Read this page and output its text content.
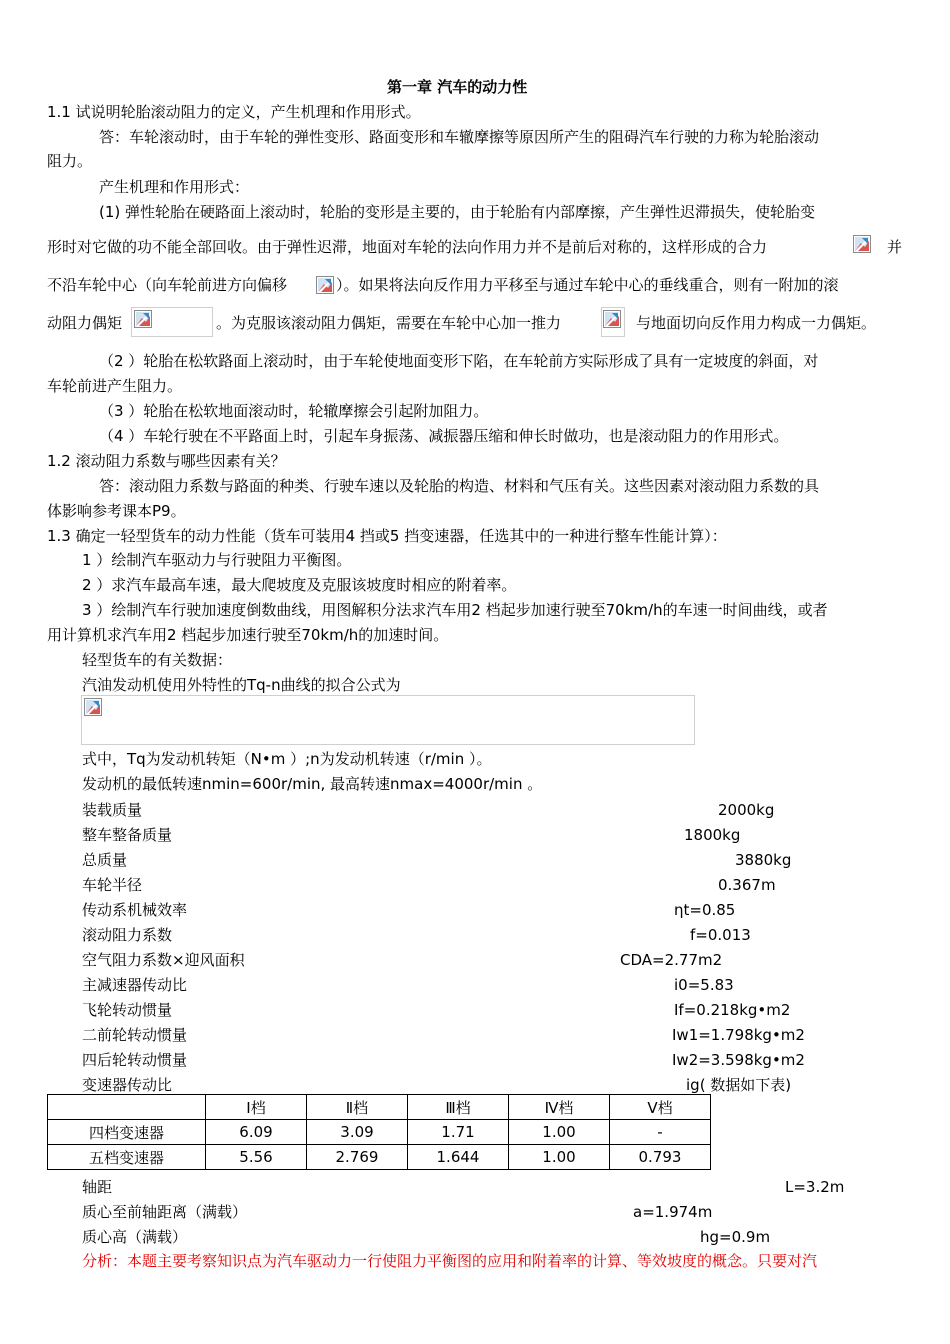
第一章 汽车的动力性
1.1 试说明轮胎滚动阻力的定义，产生机理和作用形式。
答：车轮滚动时，由于车轮的弹性变形、路面变形和车辙摩擦等原因所产生的阻碍汽车行驶的力称为轮胎滚动
阻力。
产生机理和作用形式：
(1) 弹性轮胎在硬路面上滚动时，轮胎的变形是主要的，由于轮胎有内部摩擦，产生弹性迟滞损失，使轮胎变
形时对它做的功不能全部回收。由于弹性迟滞，地面对车轮的法向作用力并不是前后对称的，这样形成的合力	并
不沿车轮中心（向车轮前进方向偏移	）。如果将法向反作用力平移至与通过车轮中心的垂线重合，则有一附加的滚
动阻力偶矩	。为克服该滚动阻力偶矩，需要在车轮中心加一推力	与地面切向反作用力构成一力偶矩。
（2 ）轮胎在松软路面上滚动时，由于车轮使地面变形下陷，在车轮前方实际形成了具有一定坡度的斜面，对
车轮前进产生阻力。
（3 ）轮胎在松软地面滚动时，轮辙摩擦会引起附加阻力。
（4 ）车轮行驶在不平路面上时，引起车身振荡、减振器压缩和伸长时做功，也是滚动阻力的作用形式。
1.2 滚动阻力系数与哪些因素有关？
答：滚动阻力系数与路面的种类、行驶车速以及轮胎的构造、材料和气压有关。这些因素对滚动阻力系数的具
体影响参考课本P9。
1.3 确定一轻型货车的动力性能（货车可装用4 挡或5 挡变速器，任选其中的一种进行整车性能计算）：
1 ）绘制汽车驱动力与行驶阻力平衡图。
2 ）求汽车最高车速，最大爬坡度及克服该坡度时相应的附着率。
3 ）绘制汽车行驶加速度倒数曲线，用图解积分法求汽车用2 档起步加速行驶至70km/h的车速一时间曲线，或者
用计算机求汽车用2 档起步加速行驶至70km/h的加速时间。
轻型货车的有关数据：
汽油发动机使用外特性的Tq-n曲线的拟合公式为
式中，Tq为发动机转矩（N•m ）;n为发动机转速（r/min ）。
发动机的最低转速nmin=600r/min, 最高转速nmax=4000r/min 。
装载质量	2000kg
整车整备质量	1800kg
总质量	3880kg
车轮半径	0.367m
传动系机械效率	ηt=0.85
滚动阻力系数	f=0.013
空气阻力系数×迎风面积	CDA=2.77m2
主减速器传动比	i0=5.83
飞轮转动惯量	If=0.218kg•m2
二前轮转动惯量	Iw1=1.798kg•m2
四后轮转动惯量	Iw2=3.598kg•m2
变速器传动比	ig( 数据如下表)
	Ⅰ档	Ⅱ档	Ⅲ档	Ⅳ档	Ⅴ档
四档变速器	6.09	3.09	1.71	1.00	-
五档变速器	5.56	2.769	1.644	1.00	0.793
轴距	L=3.2m
质心至前轴距离（满载）	a=1.974m
质心高（满载）	hg=0.9m
分析：本题主要考察知识点为汽车驱动力一行使阻力平衡图的应用和附着率的计算、等效坡度的概念。只要对汽
